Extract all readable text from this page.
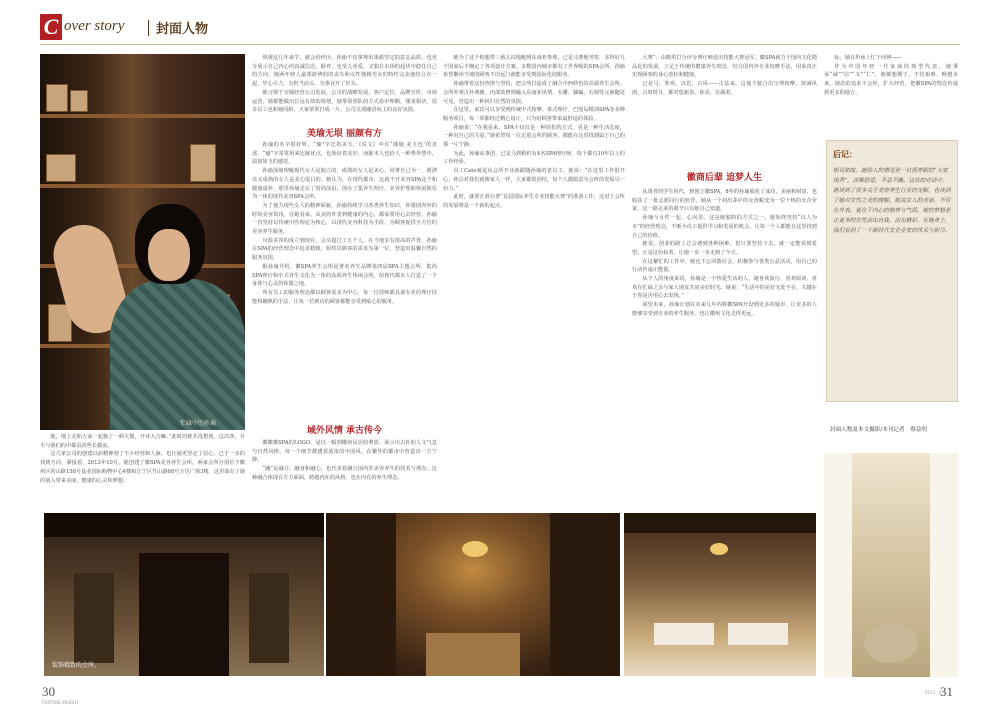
C over story 封面人物
忙碌中的孙瑜

地，地上走和大家一起拢了一顿大餐，开业大吉嘛。”此时的她并没想到，这次客，并平与我们的中都看淡些长做前。

这几家公司的创建以前精神到了不少经营和人脉，也让她更坚定了信心，已于一步的找到方向，紧接着，2012年10月，她创建了徽SPA美容养生会所。两家会所分别位于徽州区的山路158号基业国际购物中心4楼和江宁区竹山路68号万达广场3楼，这里面有了她的别入带来美丽，健康的心灵和梦想。

纵观这几年来学，就会给经历，孙瑜不仅拿规出果敢坚定的意志品质，也充分展示自己内心的真诚信念，摒弃，也受人喜爱，又独在市场的起伏中稳住自己的方向。她两年轻人最郑敢辨的的丧失和女性独挑男女的特性完美地结合在一起，毕心尽力，有担当肩头，为事业开了好头。

她习惯于交城经营公司发展，公司的战略发展，客户定位，品牌宣传，市场运营，她都能做出长远有效的规划，她带领团队的方式看中理顺，刚柔相济，很多员工也和她同龄，大家常常打成一片，公司呈现融洽向上的良好氛围。

美瑜无垠 丽颜有方

孙瑜的名字很好听。“瑜”字泛指美玉，《说文》中有“瑾瑜,美玉也”的表述。“瑜”字常常用来比喻优点，也象征着美好，而她本人也给人一种秀外慧中，温润如玉的感觉。

孙瑜深刻理解现代女人是独立的，成熟的女人是美心，同著自己为一，既漂亮又成熟的女人是美心很目的。她认为，在现代都市，这就不开美容SPA这个和健康滋补。那里孙瑜走在了时尚前沿，创办了集养生理疗、美容护理和休闲娱乐为一体的现代美容SPA会所。

为了使力现代女人的精神面貌，孙瑜持续学习各类养生知识，涉猎国内外的时尚美容资讯，在她看来，从美的外表到健康的内心，都需要用心去经营。孙瑜一直坚持以传统中医理论为核心，以现代美容科技为手段，为顾客提供全方位的美容养生服务。

川源美容的成立到现在，会员超过了五千人，在当地享有很高的声誉。孙瑜在SPA的经营理念中追求精致，始终以顾客的需求为第一位，营造出温馨自然的服务氛围。

据孙瑜介绍，徽SPA养生会所是著名养生品牌第四届SPA主题会所，集尚SPA理疗和中式养生文化为一体的高端养生休闲会所，给现代都市人打造了一个身体与心灵的休憩之地。

所有员工的服务理念都以顾客需求为中心，每一位技师都具备专业的理疗技能和娴熟的手法，让每一位到访的顾客都能享受到贴心的服务。

域外风情 承古传今

徽徽徽SPA的LOGO，是以一幅到徽州民居的剪影，展示出古朴的人文气息与自然风格，每一个细节都透着浓浓的中国风，在繁华的都市中营造出一方宁静。

“融”是融合，融身和融心，也代表着融合国内外美容养生的技术与理念，这种融合体现在方方面面，跨越内在的风格，也在内在的养生理念。

她为了这个构想带三番五次地跑到东南亚参观，已是马赛地考察，多得好几个国家后才确定了各项设计方案。多数国内城市都有了世界级的SPA会所，孙瑜希望徽州当地的顾客不出远门就能享受到国际化的服务。

孙瑜带着这份热情与坚持，把会所打造成了融合中西特色的高端养生会所。会所外观古朴典雅，内部装修则融入东南亚风情，木雕、藤编、石刻等元素随处可见，营造出一种回归自然的氛围。

在这里，来宾可以享受到传统中式按摩、泰式理疗、巴厘岛精油SPA等多种服务项目，每一项都经过精心设计，只为给顾客带来最舒适的体验。

孙瑜说：“在我看来，SPA不仅仅是一种放松的方式，更是一种生活态度，一种对自己的关爱。”她希望每一位走进会所的顾客，都能在这里找到属于自己的那一片宁静。

为此，孙瑜从事创，已是马到稍约有4名SPA理疗师，每个都有10年以上的工作经验。

员工Cate就是从会所开业就跟随孙瑜的老员工，她说：“在这里工作很开心，孙总对我们就像家人一样，大家都很团结，每个人都愿意为会所的发展尽一份力。”

此时，就要正准办著“首届国际养生专业技能大赛”的准备工作，这对于会所的发展将是一个新的起点。

大赛”。由精英打分评分理疗师选出技能大赛冠军，徽SPA就力于国内文化精品化的发展，立足于传统的健康养生理念，结合国内外专业按摩手法，用来真正实现顾客的身心放松和健康。

已是马，参观，沉思，古风——古法来，这使个接合出宝理按摩，按减风雨，古时时月，都对悠新表，和美，有踢着。

徽商后辈 追梦人生

从贤者的学生时代，到创立徽SPA，8年的孙瑜收获了成功，美丽和财富，也收获了一批志愿同行的伙伴。她从一个初出茅庐的女孩蜕变为一位干练的女企业家，这一路走来的艰辛只有她自己知道。

孙瑜与女性一起，心向美，这是她独特的方式之一。她始终坚持“以人为本”的经营理念，不断为员工提供学习和发展的机会，让每一个人都能在这里找到自己的价值。

她说，创业的路上总会遇到各种困难，但只要坚持下去，就一定能看到希望。正是这份执着，让她一步一步走到了今天。

在这繁忙的工作中，她也不忘回馈社会，积极参与各类公益活动，用自己的行动传递正能量。

从个人的角度来说，孙瑜是一个热爱生活的人，她喜欢旅行，喜欢阅读，喜欢在忙碌之余与家人朋友共度美好时光。她说：“生活中的美好无处不在，关键在于你是否用心去发现。”

展望未来，孙瑜计划在未来几年内将徽SPA开设到更多的城市，让更多的人能够享受到专业的养生服务，也让徽州文化走得更远。

标，她在坦承上忙于问辨——

作为中国年轻一代家商的典型代表，她秉承“诚”“信”“义”“仁”，她都想期于，不管艰难，畅想未来，她态的追求不会停，扩大经营，把徽SPA的理念传递到更多的地方。

后记：
相见如故，她给人的感觉是一位很养眼的“大家闺秀”，淡雅舒适，不急不躁。这次的对话中，她谈到了很多关于美容养生行业的见解，也谈到了她对女性之美的理解。她说女人的美丽，不仅在外表，更在于内心的修养与气质。她的梦想是让更多的女性活出自我，活出精彩。在她身上，我们看到了一个新时代女企业家的风采与担当。
封面人物及本文摄影/本刊记者　蔡益明
装饰精致的会所。
30
FORTUNE INSIGHT
31
2013 . 6
